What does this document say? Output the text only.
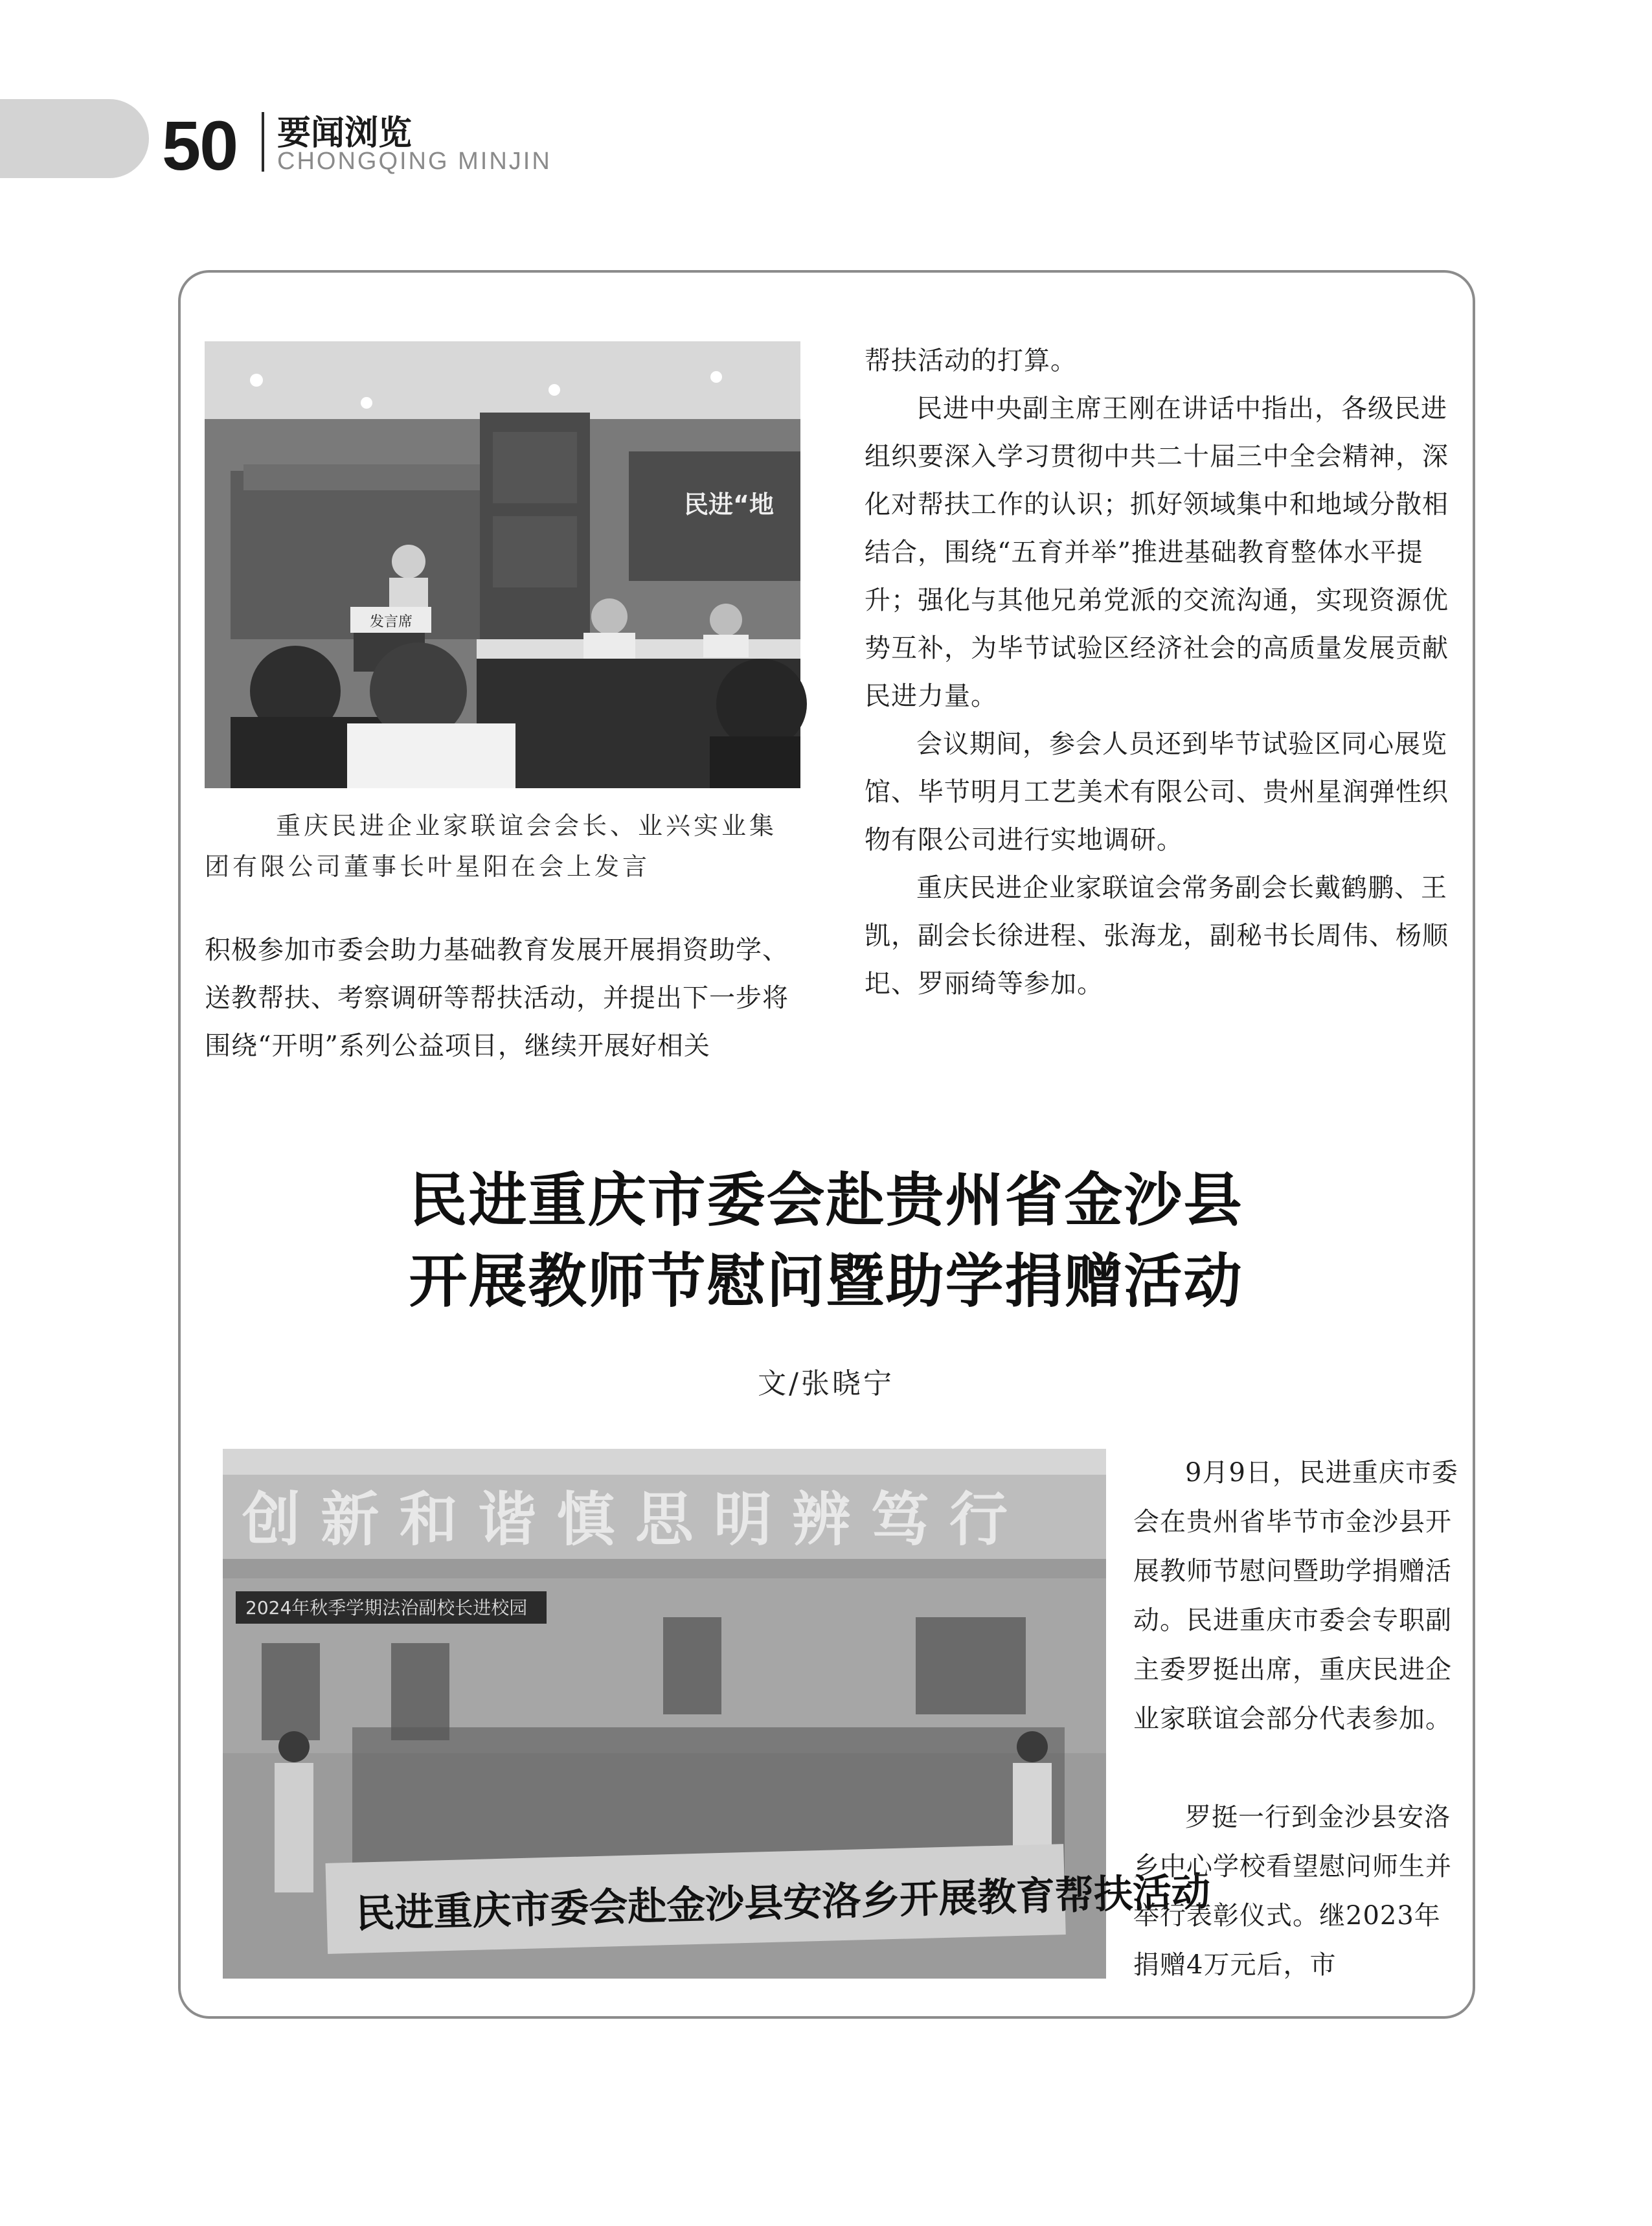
50 要闻浏览
CHONGQING MINJIN
民进“地
发言席

重庆民进企业家联谊会会长、业兴实业集

团有限公司董事长叶星阳在会上发言

积极参加市委会助力基础教育发展开展捐资助学、送教帮扶、考察调研等帮扶活动，并提出下一步将围绕“开明”系列公益项目，继续开展好相关

帮扶活动的打算。

民进中央副主席王刚在讲话中指出，各级民进组织要深入学习贯彻中共二十届三中全会精神，深化对帮扶工作的认识；抓好领域集中和地域分散相结合，围绕“五育并举”推进基础教育整体水平提升；强化与其他兄弟党派的交流沟通，实现资源优势互补，为毕节试验区经济社会的高质量发展贡献民进力量。

会议期间，参会人员还到毕节试验区同心展览馆、毕节明月工艺美术有限公司、贵州星润弹性织物有限公司进行实地调研。

重庆民进企业家联谊会常务副会长戴鹤鹏、王凯，副会长徐进程、张海龙，副秘书长周伟、杨顺圯、罗丽绮等参加。

民进重庆市委会赴贵州省金沙县
开展教师节慰问暨助学捐赠活动
文/张晓宁
创 新 和 谐 慎 思 明 辨 笃 行
2024年秋季学期法治副校长进校园
民进重庆市委会赴金沙县安洛乡开展教育帮扶活动

9月9日，民进重庆市委会在贵州省毕节市金沙县开展教师节慰问暨助学捐赠活动。民进重庆市委会专职副主委罗挺出席，重庆民进企业家联谊会部分代表参加。

罗挺一行到金沙县安洛乡中心学校看望慰问师生并举行表彰仪式。继2023年捐赠4万元后，市
